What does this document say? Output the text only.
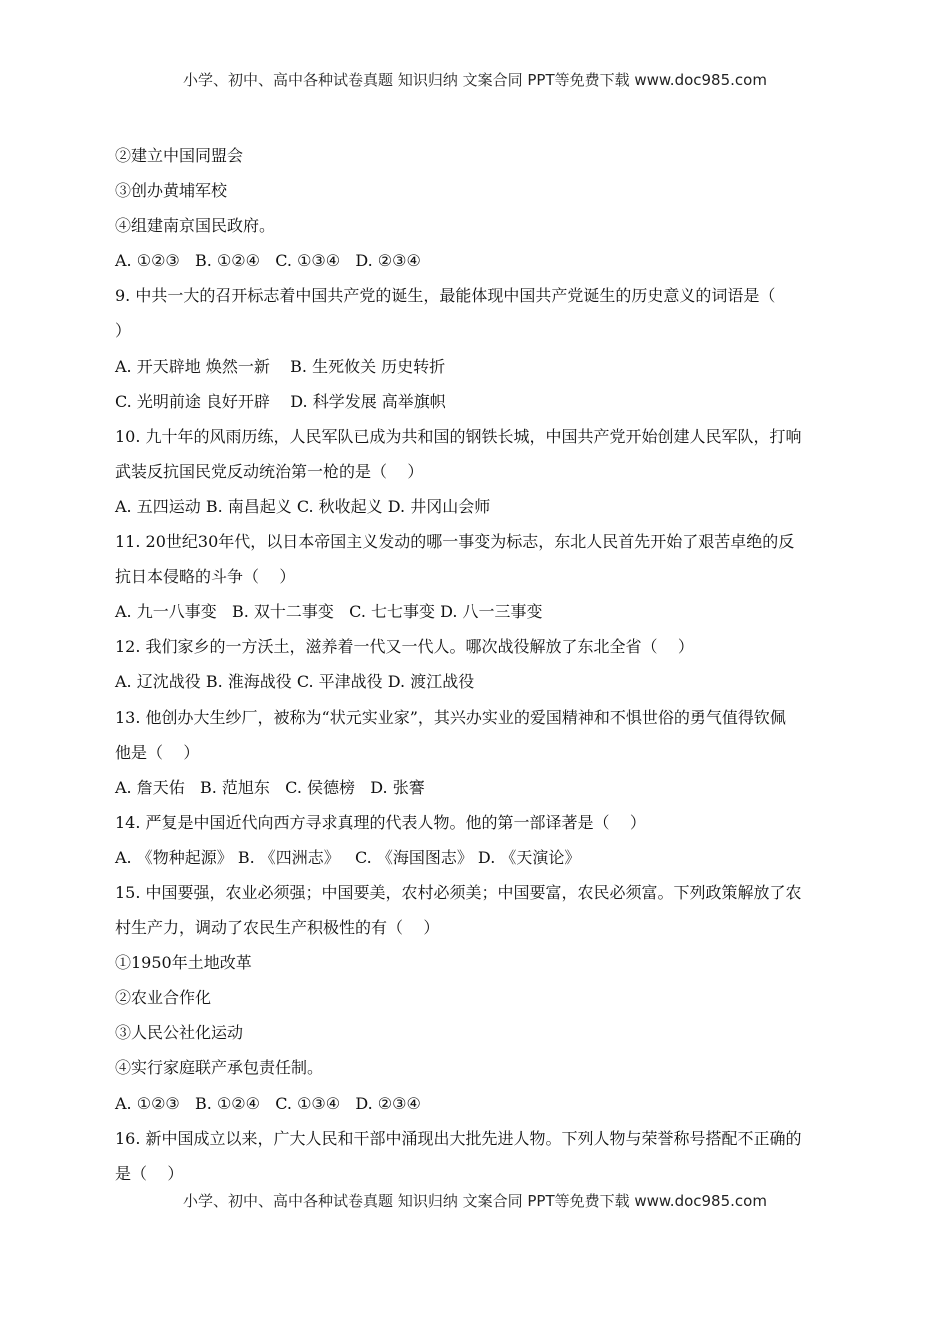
小学、初中、高中各种试卷真题 知识归纳 文案合同 PPT等免费下载 www.doc985.com
②建立中国同盟会
③创办黄埔军校
④组建南京国民政府。
A. ①②③   B. ①②④   C. ①③④   D. ②③④
9. 中共一大的召开标志着中国共产党的诞生，最能体现中国共产党诞生的历史意义的词语是（
）
A. 开天辟地 焕然一新    B. 生死攸关 历史转折
C. 光明前途 良好开辟    D. 科学发展 高举旗帜
10. 九十年的风雨历练，人民军队已成为共和国的钢铁长城，中国共产党开始创建人民军队，打响
武装反抗国民党反动统治第一枪的是（    ）
A. 五四运动 B. 南昌起义 C. 秋收起义 D. 井冈山会师
11. 20世纪30年代，以日本帝国主义发动的哪一事变为标志，东北人民首先开始了艰苦卓绝的反
抗日本侵略的斗争（    ）
A. 九一八事变   B. 双十二事变   C. 七七事变 D. 八一三事变
12. 我们家乡的一方沃土，滋养着一代又一代人。哪次战役解放了东北全省（    ）
A. 辽沈战役 B. 淮海战役 C. 平津战役 D. 渡江战役
13. 他创办大生纱厂，被称为“状元实业家”，其兴办实业的爱国精神和不惧世俗的勇气值得钦佩
他是（    ）
A. 詹天佑   B. 范旭东   C. 侯德榜   D. 张謇
14. 严复是中国近代向西方寻求真理的代表人物。他的第一部译著是（    ）
A. 《物种起源》 B. 《四洲志》   C. 《海国图志》 D. 《天演论》
15. 中国要强，农业必须强；中国要美，农村必须美；中国要富，农民必须富。下列政策解放了农
村生产力，调动了农民生产积极性的有（    ）
①1950年土地改革
②农业合作化
③人民公社化运动
④实行家庭联产承包责任制。
A. ①②③   B. ①②④   C. ①③④   D. ②③④
16. 新中国成立以来，广大人民和干部中涌现出大批先进人物。下列人物与荣誉称号搭配不正确的
是（    ）
小学、初中、高中各种试卷真题 知识归纳 文案合同 PPT等免费下载 www.doc985.com
